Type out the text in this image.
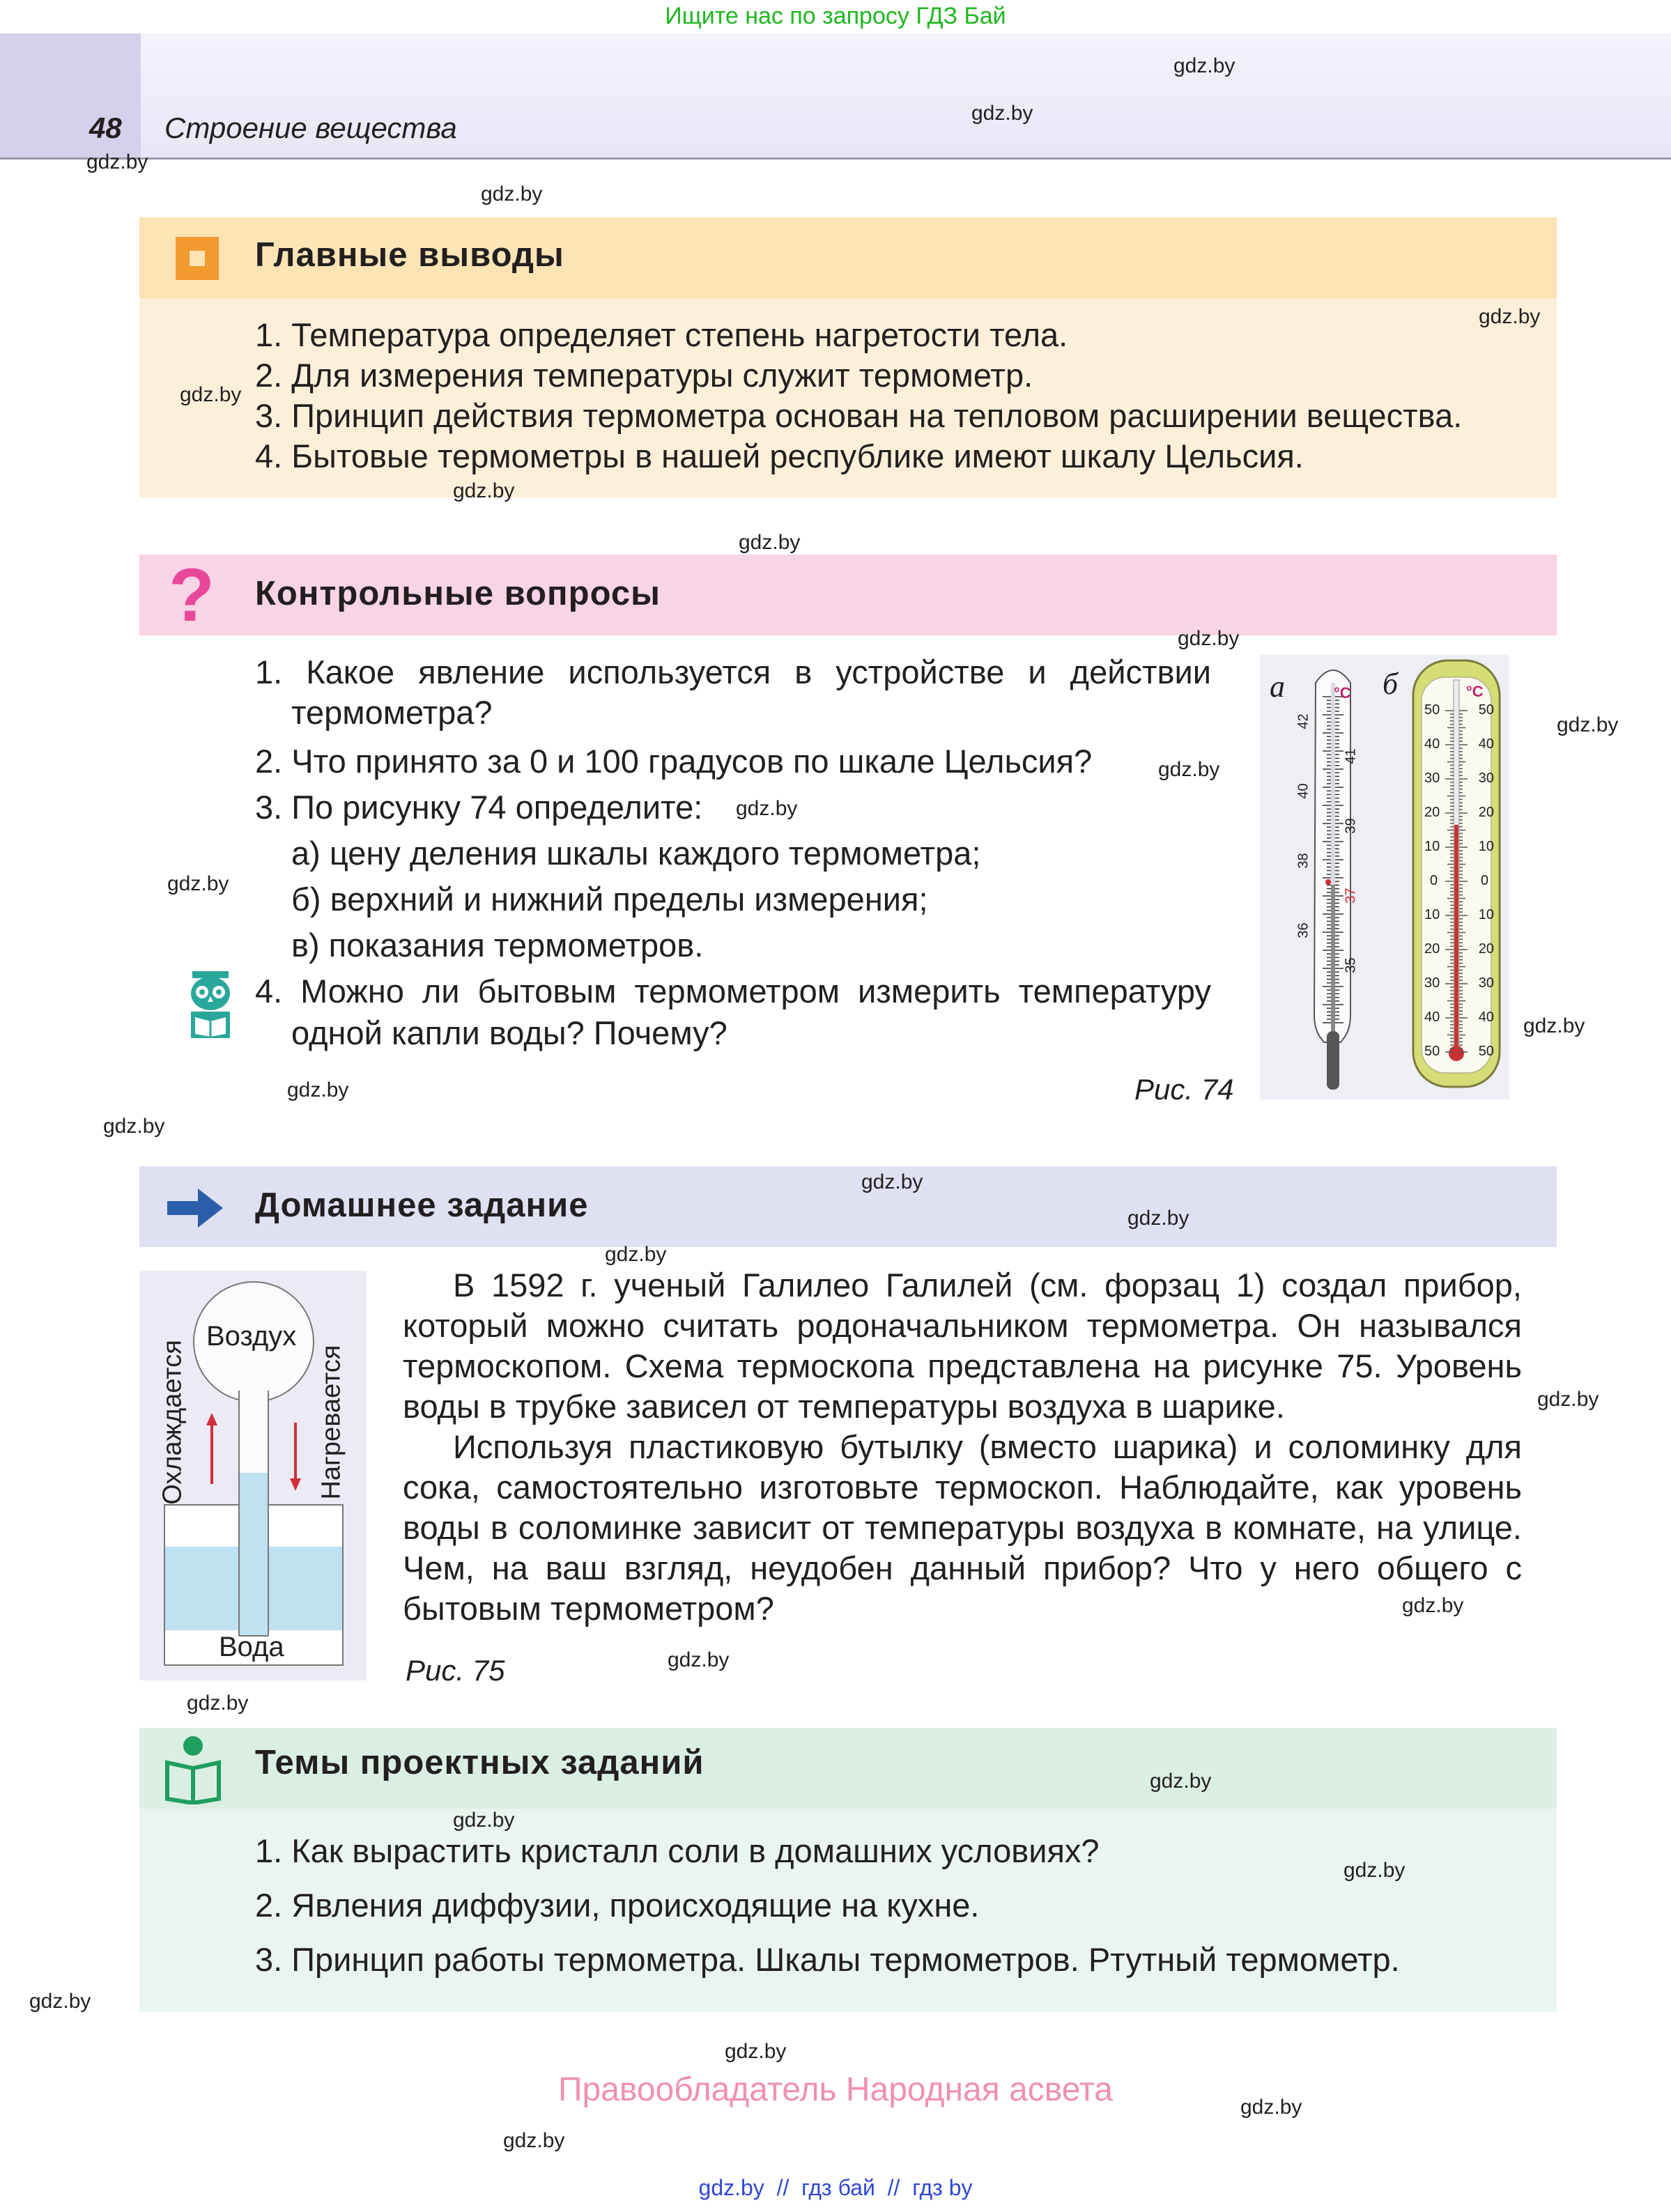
Ищите нас по запросу ГДЗ Бай
48 Строение вещества
Главные выводы
1. Температура определяет степень нагретости тела.
2. Для измерения температуры служит термометр.
3. Принцип действия термометра основан на тепловом расширении вещества.
4. Бытовые термометры в нашей республике имеют шкалу Цельсия.
? Контрольные вопросы
1. Какое явление используется в устройстве и действии
термометра?
2. Что принято за 0 и 100 градусов по шкале Цельсия?
3. По рисунку 74 определите:
а) цену деления шкалы каждого термометра;
б) верхний и нижний пределы измерения;
в) показания термометров.
4. Можно ли бытовым термометром измерить температуру
одной капли воды? Почему?
а	б
°С
42
40
38
36
41
39
37
35
°С
50	50
40	40
30	30
20	20
10	10
0	0
10	10
20	20
30	30
40	40
50	50
Рис. 74
Домашнее задание
Воздух
Вода
Охлаждается	Нагревается
Рис. 75
В 1592 г. ученый Галилео Галилей (см. форзац 1) создал прибор, который можно считать родоначальником термометра. Он назывался термоскопом. Схема термоскопа представлена на рисунке 75. Уровень воды в трубке зависел от температуры воздуха в шарике.
Используя пластиковую бутылку (вместо шарика) и соломинку для сока, самостоятельно изготовьте термоскоп. Наблюдайте, как уровень воды в соломинке зависит от температуры воздуха в комнате, на улице. Чем, на ваш взгляд, неудобен данный прибор? Что у него общего с бытовым термометром?
Темы проектных заданий
1. Как вырастить кристалл соли в домашних условиях?
2. Явления диффузии, происходящие на кухне.
3. Принцип работы термометра. Шкалы термометров. Ртутный термометр.
Правообладатель Народная асвета
gdz.by  //  гдз бай  //  гдз by
gdz.by
gdz.by
gdz.by
gdz.by
gdz.by
gdz.by
gdz.by
gdz.by
gdz.by
gdz.by
gdz.by
gdz.by
gdz.by
gdz.by
gdz.by
gdz.by
gdz.by
gdz.by
gdz.by
gdz.by
gdz.by
gdz.by
gdz.by
gdz.by
gdz.by
gdz.by
gdz.by
gdz.by
gdz.by
gdz.by
